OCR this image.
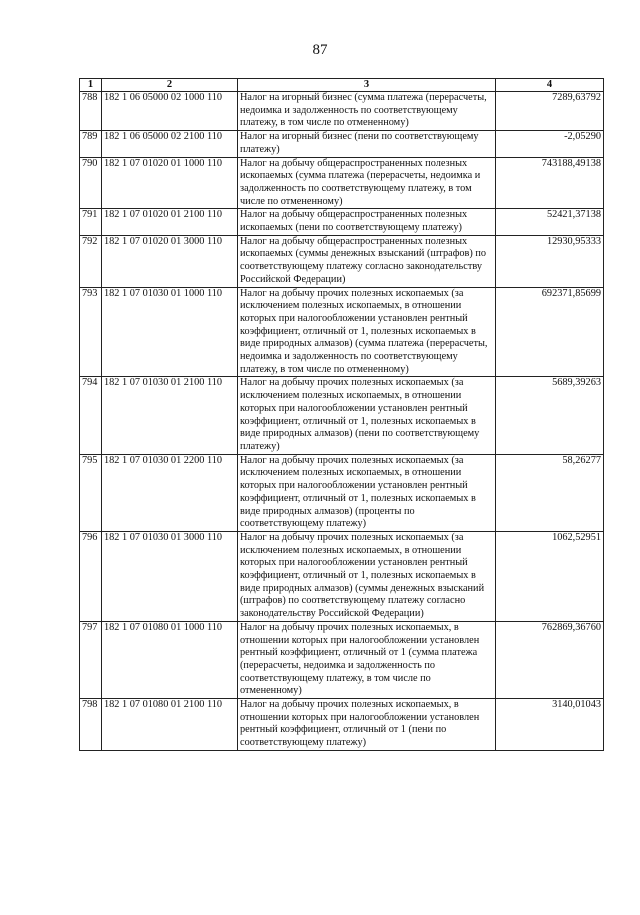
87
1	2	3	4
788	182 1 06 05000 02 1000 110	Налог на игорный бизнес (сумма платежа (перерасчеты, недоимка и задолженность по соответствующему платежу, в том числе по отмененному)	7289,63792
789	182 1 06 05000 02 2100 110	Налог на игорный бизнес (пени по соответствующему платежу)	-2,05290
790	182 1 07 01020 01 1000 110	Налог на добычу общераспространенных полезных ископаемых (сумма платежа (перерасчеты, недоимка и задолженность по соответствующему платежу, в том числе по отмененному)	743188,49138
791	182 1 07 01020 01 2100 110	Налог на добычу общераспространенных полезных ископаемых (пени по соответствующему платежу)	52421,37138
792	182 1 07 01020 01 3000 110	Налог на добычу общераспространенных полезных ископаемых (суммы денежных взысканий (штрафов) по соответствующему платежу согласно законодательству Российской Федерации)	12930,95333
793	182 1 07 01030 01 1000 110	Налог на добычу прочих полезных ископаемых (за исключением полезных ископаемых, в отношении которых при налогообложении установлен рентный коэффициент, отличный от 1, полезных ископаемых в виде природных алмазов) (сумма платежа (перерасчеты, недоимка и задолженность по соответствующему платежу, в том числе по отмененному)	692371,85699
794	182 1 07 01030 01 2100 110	Налог на добычу прочих полезных ископаемых (за исключением полезных ископаемых, в отношении которых при налогообложении установлен рентный коэффициент, отличный от 1, полезных ископаемых в виде природных алмазов) (пени по соответствующему платежу)	5689,39263
795	182 1 07 01030 01 2200 110	Налог на добычу прочих полезных ископаемых (за исключением полезных ископаемых, в отношении которых при налогообложении установлен рентный коэффициент, отличный от 1, полезных ископаемых в виде природных алмазов) (проценты по соответствующему платежу)	58,26277
796	182 1 07 01030 01 3000 110	Налог на добычу прочих полезных ископаемых (за исключением полезных ископаемых, в отношении которых при налогообложении установлен рентный коэффициент, отличный от 1, полезных ископаемых в виде природных алмазов) (суммы денежных взысканий (штрафов) по соответствующему платежу согласно законодательству Российской Федерации)	1062,52951
797	182 1 07 01080 01 1000 110	Налог на добычу прочих полезных ископаемых, в отношении которых при налогообложении установлен рентный коэффициент, отличный от 1 (сумма платежа (перерасчеты, недоимка и задолженность по соответствующему платежу, в том числе по отмененному)	762869,36760
798	182 1 07 01080 01 2100 110	Налог на добычу прочих полезных ископаемых, в отношении которых при налогообложении установлен рентный коэффициент, отличный от 1 (пени по соответствующему платежу)	3140,01043
